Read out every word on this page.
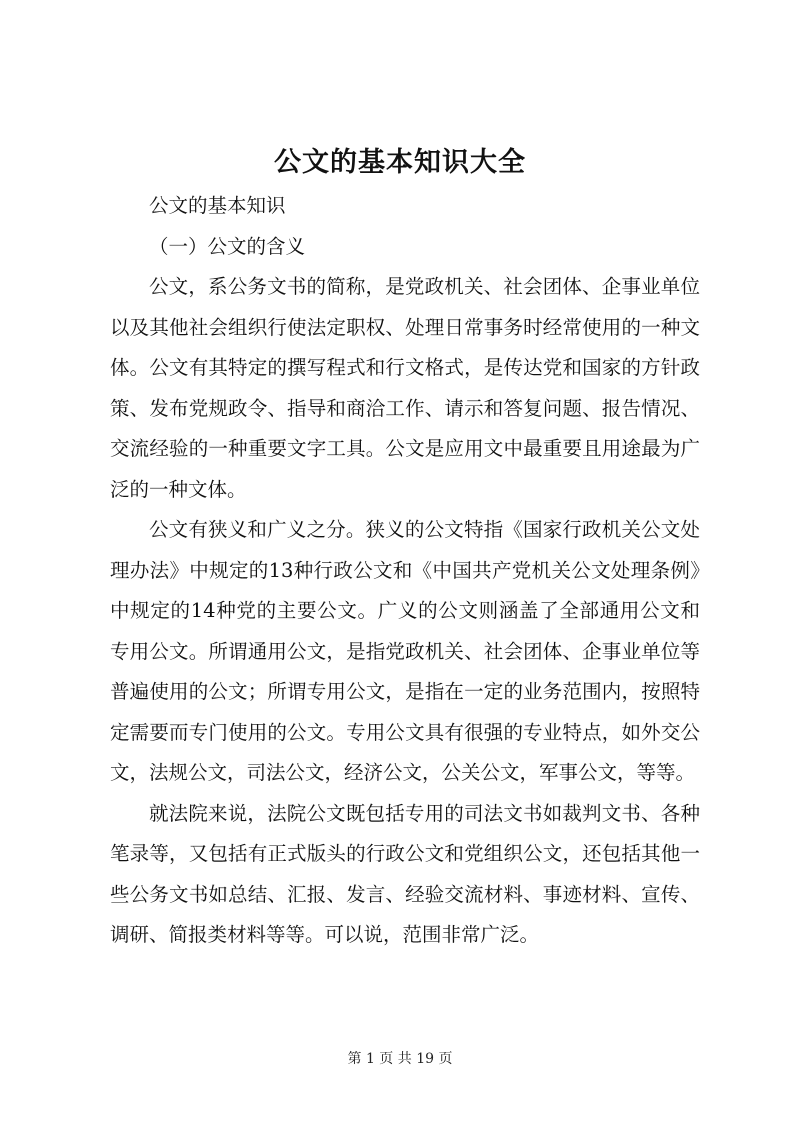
公文的基本知识大全

公文的基本知识

（一）公文的含义

公文，系公务文书的简称，是党政机关、社会团体、企事业单位以及其他社会组织行使法定职权、处理日常事务时经常使用的一种文体。公文有其特定的撰写程式和行文格式，是传达党和国家的方针政策、发布党规政令、指导和商洽工作、请示和答复问题、报告情况、交流经验的一种重要文字工具。公文是应用文中最重要且用途最为广泛的一种文体。

公文有狭义和广义之分。狭义的公文特指《国家行政机关公文处理办法》中规定的13种行政公文和《中国共产党机关公文处理条例》中规定的14种党的主要公文。广义的公文则涵盖了全部通用公文和专用公文。所谓通用公文，是指党政机关、社会团体、企事业单位等普遍使用的公文；所谓专用公文，是指在一定的业务范围内，按照特定需要而专门使用的公文。专用公文具有很强的专业特点，如外交公文，法规公文，司法公文，经济公文，公关公文，军事公文，等等。

就法院来说，法院公文既包括专用的司法文书如裁判文书、各种笔录等，又包括有正式版头的行政公文和党组织公文，还包括其他一些公务文书如总结、汇报、发言、经验交流材料、事迹材料、宣传、调研、简报类材料等等。可以说，范围非常广泛。

第 1 页 共 19 页
